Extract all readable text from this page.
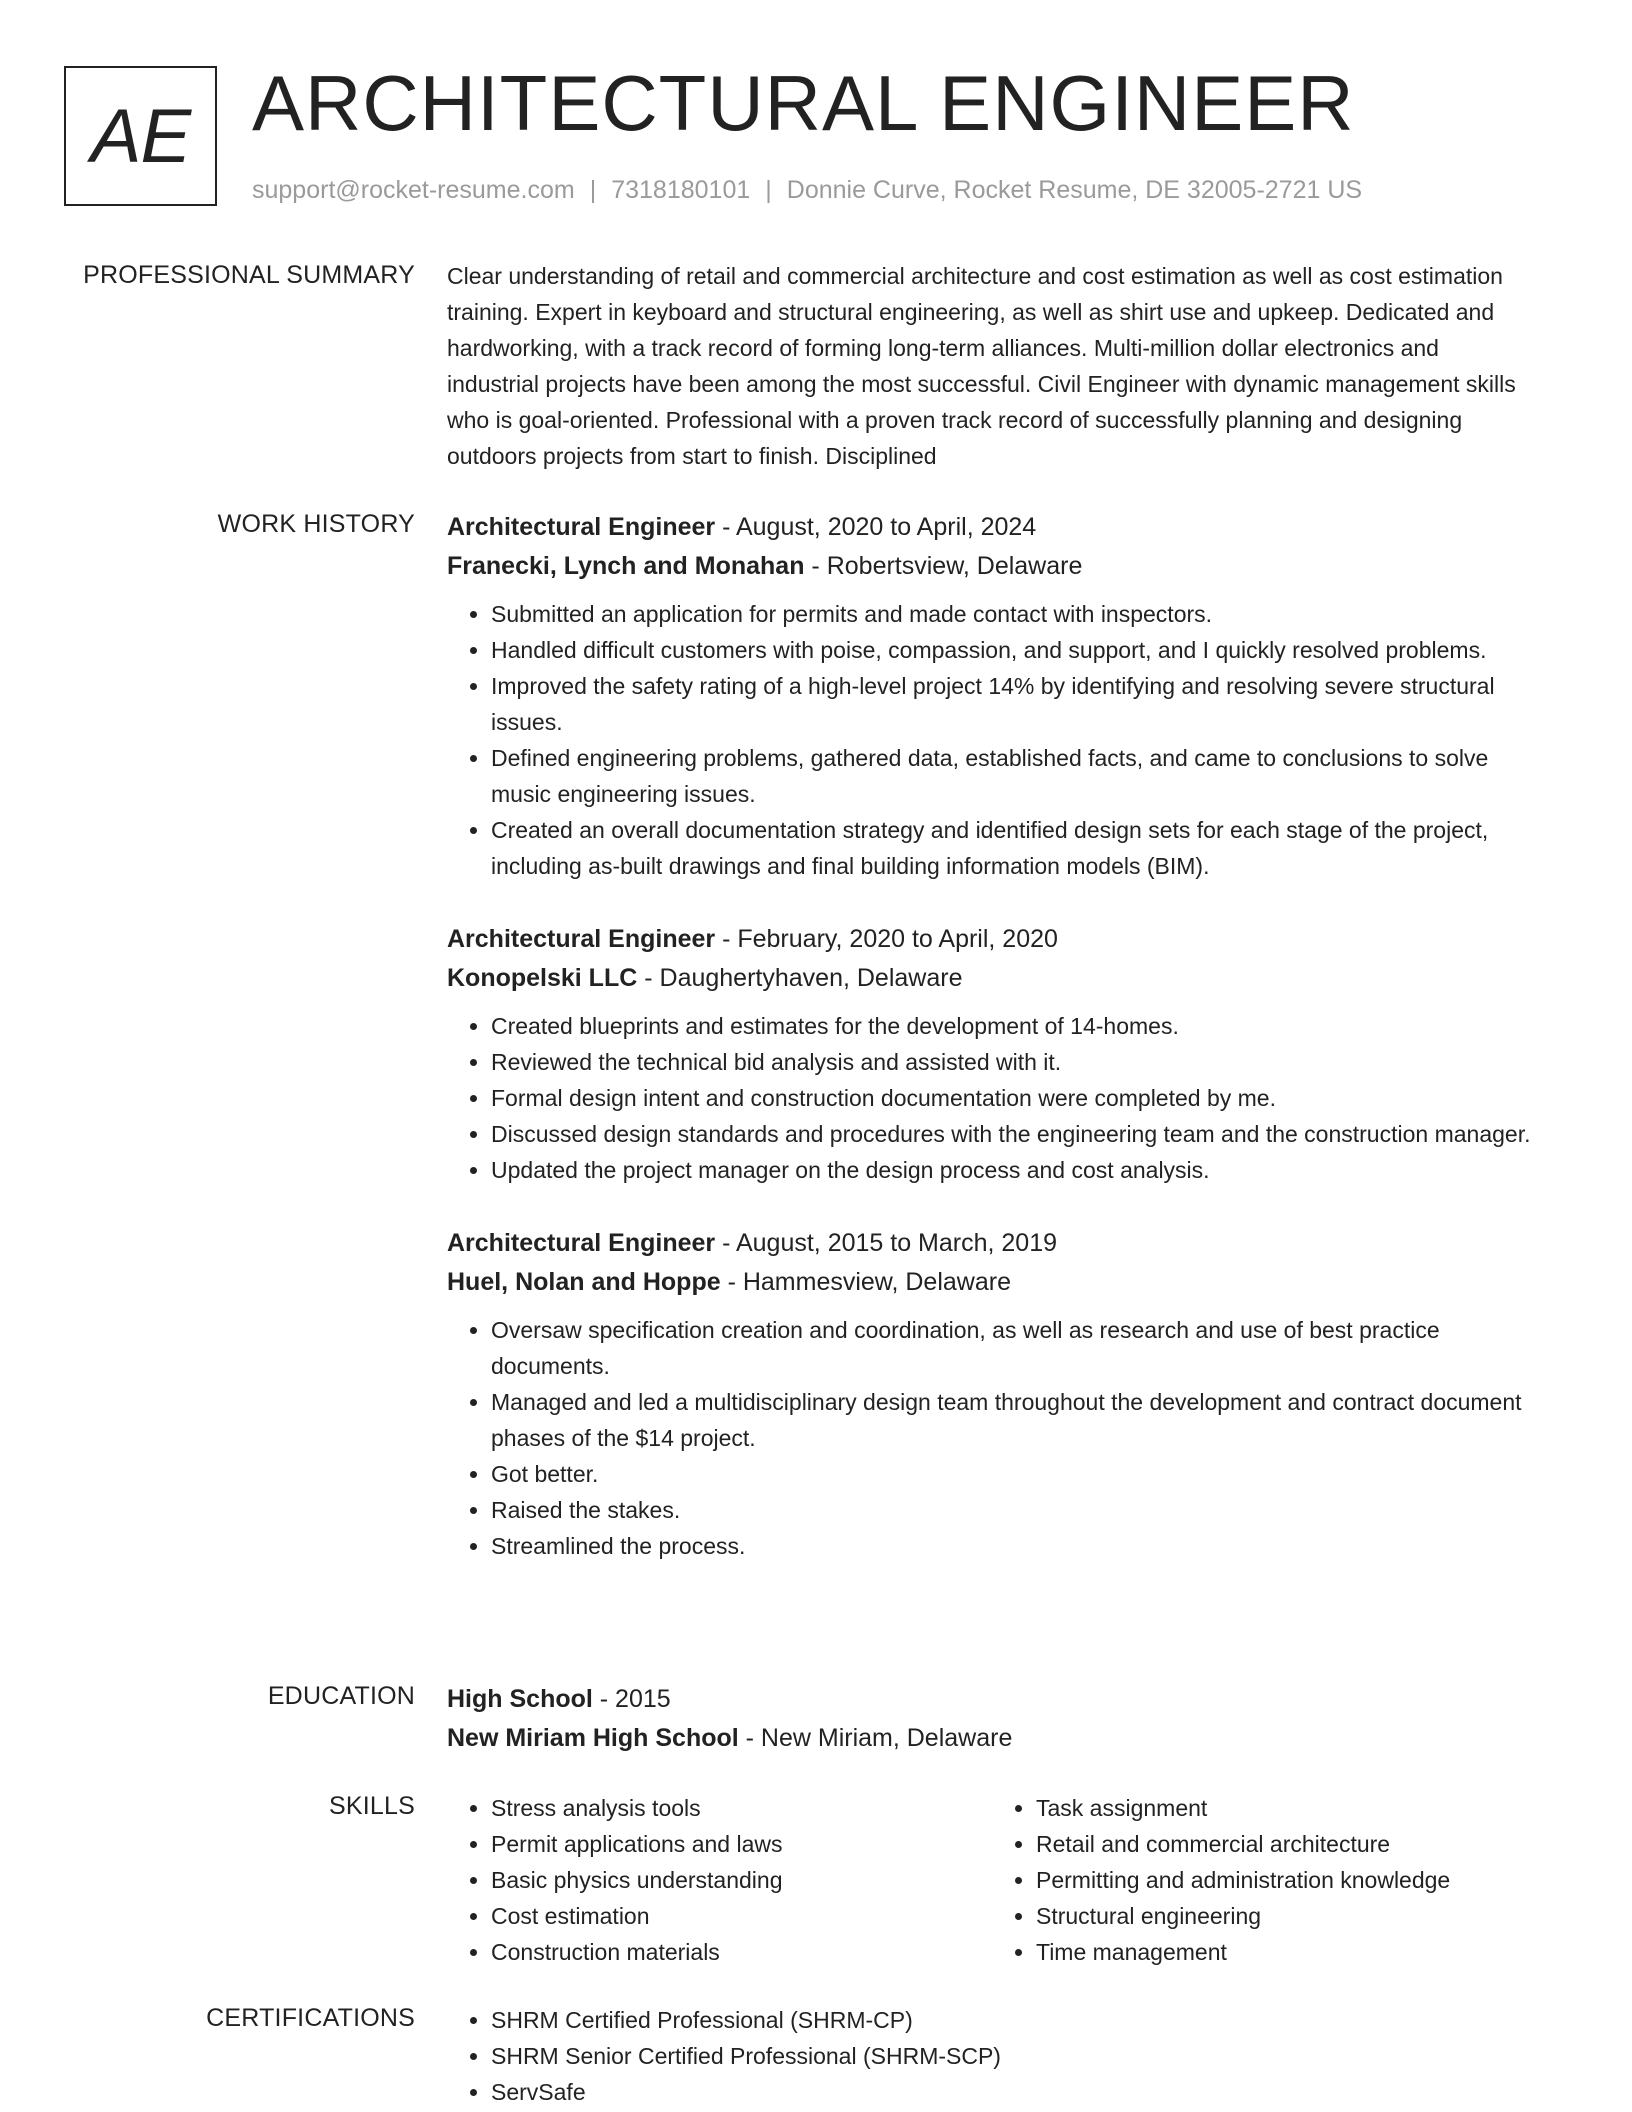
AE ARCHITECTURAL ENGINEER
support@rocket-resume.com | 7318180101 | Donnie Curve, Rocket Resume, DE 32005-2721 US
PROFESSIONAL SUMMARY Clear understanding of retail and commercial architecture and cost estimation as well as cost estimation training. Expert in keyboard and structural engineering, as well as shirt use and upkeep. Dedicated and hardworking, with a track record of forming long-term alliances. Multi-million dollar electronics and industrial projects have been among the most successful. Civil Engineer with dynamic management skills who is goal-oriented. Professional with a proven track record of successfully planning and designing outdoors projects from start to finish. Disciplined
WORK HISTORY Architectural Engineer - August, 2020 to April, 2024
Franecki, Lynch and Monahan - Robertsview, Delaware
• Submitted an application for permits and made contact with inspectors.
• Handled difficult customers with poise, compassion, and support, and I quickly resolved problems.
• Improved the safety rating of a high-level project 14% by identifying and resolving severe structural issues.
• Defined engineering problems, gathered data, established facts, and came to conclusions to solve music engineering issues.
• Created an overall documentation strategy and identified design sets for each stage of the project, including as-built drawings and final building information models (BIM).
Architectural Engineer - February, 2020 to April, 2020
Konopelski LLC - Daughertyhaven, Delaware
• Created blueprints and estimates for the development of 14-homes.
• Reviewed the technical bid analysis and assisted with it.
• Formal design intent and construction documentation were completed by me.
• Discussed design standards and procedures with the engineering team and the construction manager.
• Updated the project manager on the design process and cost analysis.
Architectural Engineer - August, 2015 to March, 2019
Huel, Nolan and Hoppe - Hammesview, Delaware
• Oversaw specification creation and coordination, as well as research and use of best practice documents.
• Managed and led a multidisciplinary design team throughout the development and contract document phases of the $14 project.
• Got better.
• Raised the stakes.
• Streamlined the process.
EDUCATION High School - 2015
New Miriam High School - New Miriam, Delaware
SKILLS	• Stress analysis tools
• Permit applications and laws
• Basic physics understanding
• Cost estimation
• Construction materials
• Task assignment
• Retail and commercial architecture
• Permitting and administration knowledge
• Structural engineering
• Time management
CERTIFICATIONS	• SHRM Certified Professional (SHRM-CP)
• SHRM Senior Certified Professional (SHRM-SCP)
• ServSafe
